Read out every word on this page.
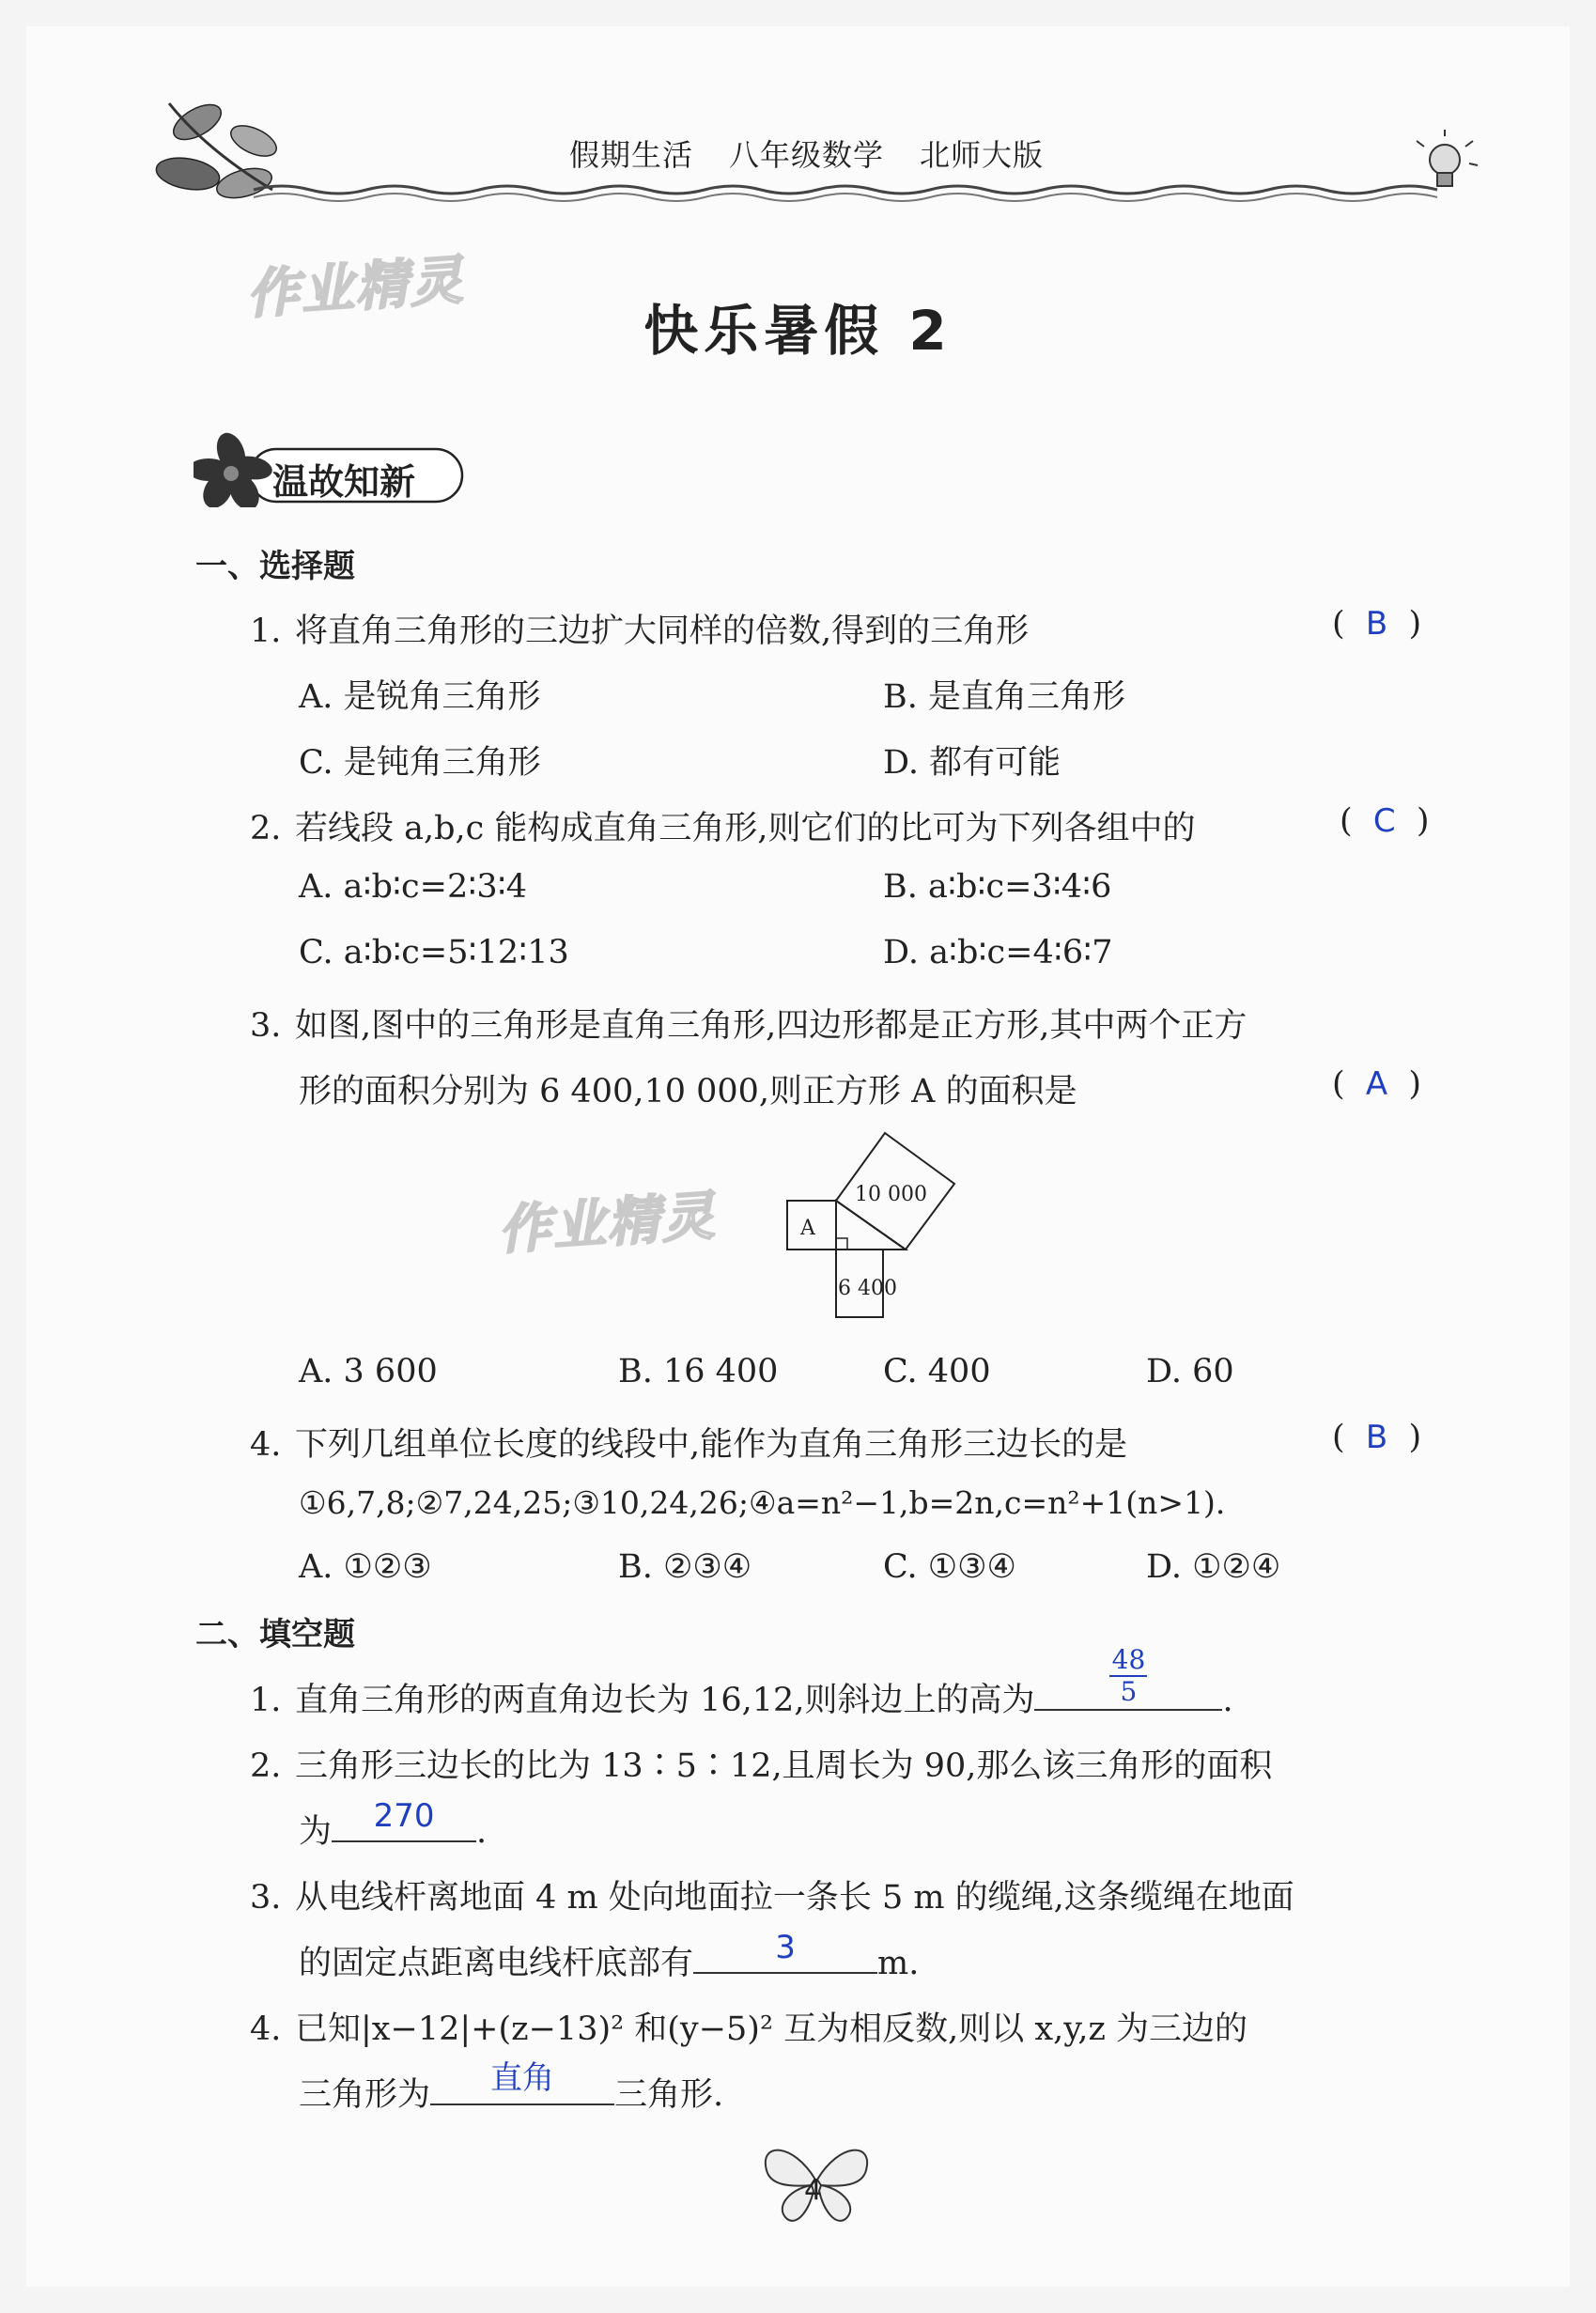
假期生活 八年级数学 北师大版
作业精灵
快乐暑假 2
温故知新
一、选择题
1. 将直角三角形的三边扩大同样的倍数,得到的三角形	(  B  )
A. 是锐角三角形	B. 是直角三角形
C. 是钝角三角形	D. 都有可能
2. 若线段 a,b,c 能构成直角三角形,则它们的比可为下列各组中的	(  C  )
A. a∶b∶c=2∶3∶4	B. a∶b∶c=3∶4∶6
C. a∶b∶c=5∶12∶13	D. a∶b∶c=4∶6∶7
3. 如图,图中的三角形是直角三角形,四边形都是正方形,其中两个正方
形的面积分别为 6 400,10 000,则正方形 A 的面积是	(  A  )
作业精灵	A
10 000
6 400
A. 3 600	B. 16 400	C. 400	D. 60
4. 下列几组单位长度的线段中,能作为直角三角形三边长的是	(  B  )
①6,7,8;②7,24,25;③10,24,26;④a=n²−1,b=2n,c=n²+1(n>1).
A. ①②③	B. ②③④	C. ①③④	D. ①②④
二、填空题
1. 直角三角形的两直角边长为 16,12,则斜边上的高为
48
5	.
2. 三角形三边长的比为 13∶5∶12,且周长为 90,那么该三角形的面积
为	270	.
3. 从电线杆离地面 4 m 处向地面拉一条长 5 m 的缆绳,这条缆绳在地面
的固定点距离电线杆底部有	3	m.
4. 已知|x−12|+(z−13)² 和(y−5)² 互为相反数,则以 x,y,z 为三边的
三角形为	直角	三角形.
4
